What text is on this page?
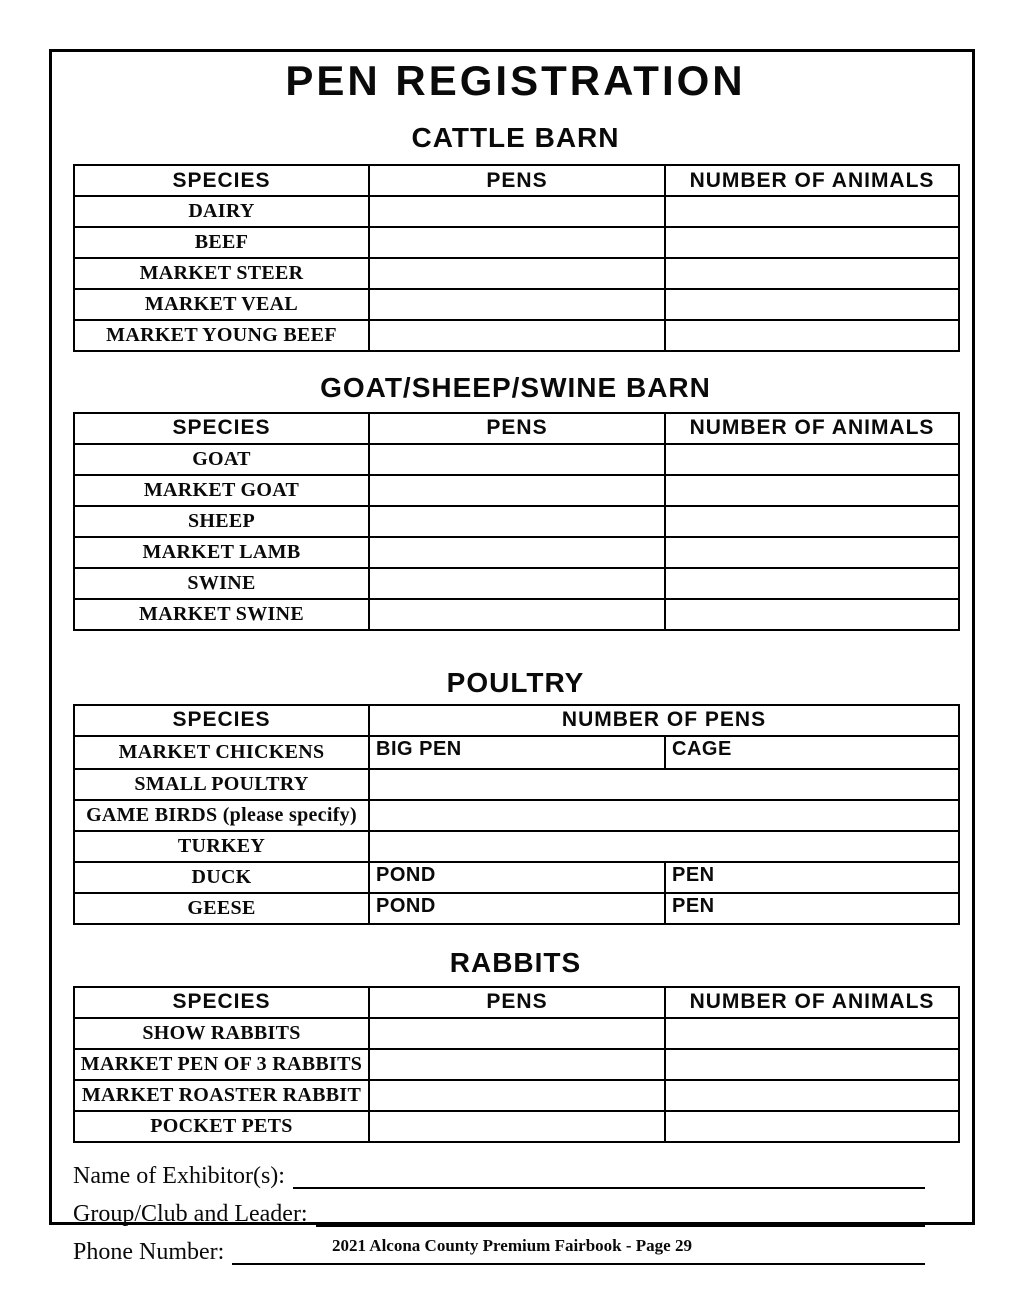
PEN REGISTRATION
CATTLE BARN
SPECIES	PENS	NUMBER OF ANIMALS
DAIRY		
BEEF		
MARKET STEER		
MARKET VEAL		
MARKET YOUNG BEEF		
GOAT/SHEEP/SWINE BARN
SPECIES	PENS	NUMBER OF ANIMALS
GOAT		
MARKET GOAT		
SHEEP		
MARKET LAMB		
SWINE		
MARKET SWINE		
POULTRY
SPECIES	NUMBER OF PENS	
MARKET CHICKENS	BIG PEN	CAGE
SMALL POULTRY		
GAME BIRDS (please specify)		
TURKEY		
DUCK	POND	PEN
GEESE	POND	PEN
RABBITS
SPECIES	PENS	NUMBER OF ANIMALS
SHOW RABBITS		
MARKET PEN OF 3 RABBITS		
MARKET ROASTER RABBIT		
POCKET PETS		
Name of Exhibitor(s):
Group/Club and Leader:
Phone Number:	2021 Alcona County Premium Fairbook - Page 29
